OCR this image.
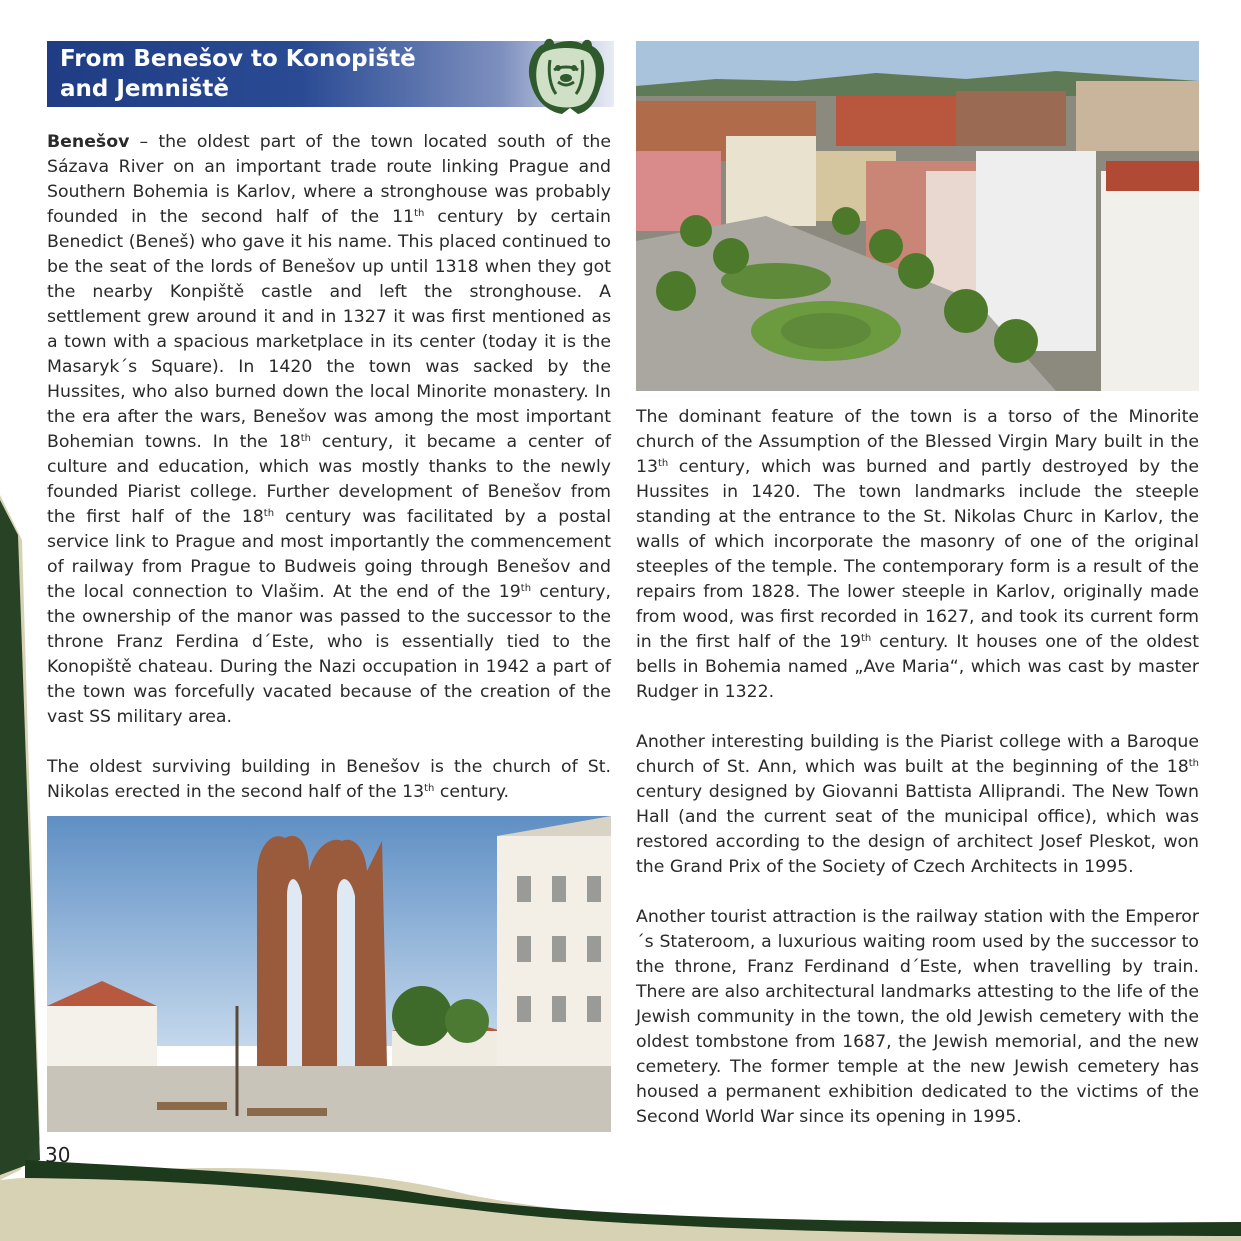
From Benešov to Konopiště
and Jemniště

Benešov – the oldest part of the town located south of the Sázava River on an important trade route linking Prague and Southern Bohemia is Karlov, where a stronghouse was probably founded in the second half of the 11th century by certain Benedict (Beneš) who gave it his name. This placed continued to be the seat of the lords of Benešov up until 1318 when they got the nearby Konpiště castle and left the stronghouse. A settlement grew around it and in 1327 it was first mentioned as a town with a spacious marketplace in its center (today it is the Masaryk´s Square). In 1420 the town was sacked by the Hussites, who also burned down the local Minorite monastery. In the era after the wars, Benešov was among the most important Bohemian towns. In the 18th century, it became a center of culture and education, which was mostly thanks to the newly founded Piarist college. Further development of Benešov from the first half of the 18th century was facilitated by a postal service link to Prague and most importantly the commencement of railway from Prague to Budweis going through Benešov and the local connection to Vlašim. At the end of the 19th century, the ownership of the manor was passed to the successor to the throne Franz Ferdina d´Este, who is essentially tied to the Konopiště chateau. During the Nazi occupation in 1942 a part of the town was forcefully vacated because of the creation of the vast SS military area.

The oldest surviving building in Benešov is the church of St. Nikolas erected in the second half of the 13th century.

The dominant feature of the town is a torso of the Minorite church of the Assumption of the Blessed Virgin Mary built in the 13th century, which was burned and partly destroyed by the Hussites in 1420. The town landmarks include the steeple standing at the entrance to the St. Nikolas Churc in Karlov, the walls of which incorporate the masonry of one of the original steeples of the temple. The contemporary form is a result of the repairs from 1828. The lower steeple in Karlov, originally made from wood, was first recorded in 1627, and took its current form in the first half of the 19th century. It houses one of the oldest bells in Bohemia named „Ave Maria“, which was cast by master Rudger in 1322.

Another interesting building is the Piarist college with a Baroque church of St. Ann, which was built at the beginning of the 18th century designed by Giovanni Battista Alliprandi. The New Town Hall (and the current seat of the municipal office), which was restored according to the design of architect Josef Pleskot, won the Grand Prix of the Society of Czech Architects in 1995.

Another tourist attraction is the railway station with the Emperor´s Stateroom, a luxurious waiting room used by the successor to the throne, Franz Ferdinand d´Este, when travelling by train. There are also architectural landmarks attesting to the life of the Jewish community in the town, the old Jewish cemetery with the oldest tombstone from 1687, the Jewish memorial, and the new cemetery. The former temple at the new Jewish cemetery has housed a permanent exhibition dedicated to the victims of the Second World War since its opening in 1995.

30
